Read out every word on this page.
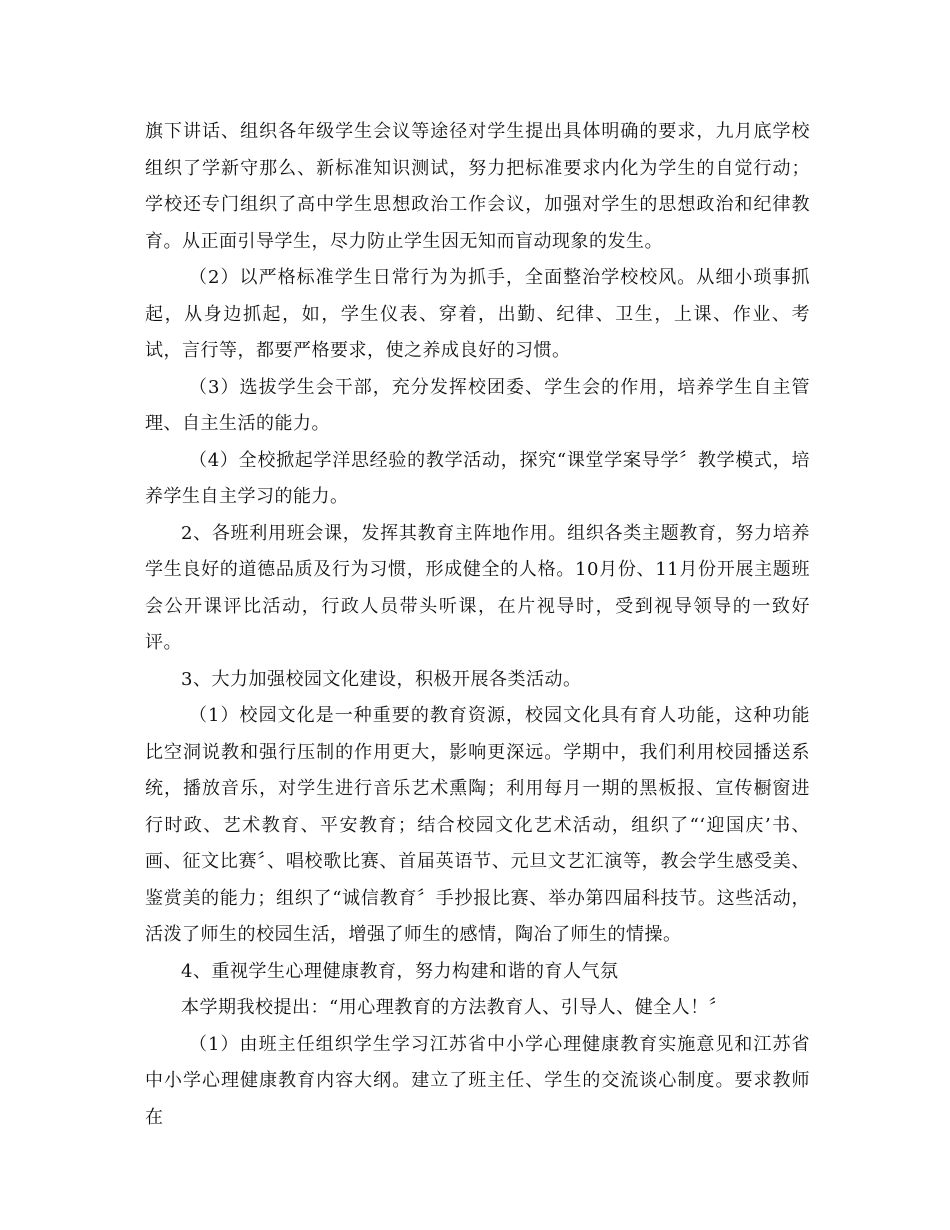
旗下讲话、组织各年级学生会议等途径对学生提出具体明确的要求，九月底学校组织了学新守那么、新标准知识测试，努力把标准要求内化为学生的自觉行动；学校还专门组织了高中学生思想政治工作会议，加强对学生的思想政治和纪律教育。从正面引导学生，尽力防止学生因无知而盲动现象的发生。

（2）以严格标准学生日常行为为抓手，全面整治学校校风。从细小琐事抓起，从身边抓起，如，学生仪表、穿着，出勤、纪律、卫生，上课、作业、考试，言行等，都要严格要求，使之养成良好的习惯。

（3）选拔学生会干部，充分发挥校团委、学生会的作用，培养学生自主管理、自主生活的能力。

（4）全校掀起学洋思经验的教学活动，探究“课堂学案导学〞教学模式，培养学生自主学习的能力。

2、各班利用班会课，发挥其教育主阵地作用。组织各类主题教育，努力培养学生良好的道德品质及行为习惯，形成健全的人格。10月份、11月份开展主题班会公开课评比活动，行政人员带头听课，在片视导时，受到视导领导的一致好评。

3、大力加强校园文化建设，积极开展各类活动。

（1）校园文化是一种重要的教育资源，校园文化具有育人功能，这种功能比空洞说教和强行压制的作用更大，影响更深远。学期中，我们利用校园播送系统，播放音乐，对学生进行音乐艺术熏陶；利用每月一期的黑板报、宣传橱窗进行时政、艺术教育、平安教育；结合校园文化艺术活动，组织了“‘迎国庆’书、画、征文比赛〞、唱校歌比赛、首届英语节、元旦文艺汇演等，教会学生感受美、鉴赏美的能力；组织了“诚信教育〞手抄报比赛、举办第四届科技节。这些活动，活泼了师生的校园生活，增强了师生的感情，陶冶了师生的情操。

4、重视学生心理健康教育，努力构建和谐的育人气氛

本学期我校提出：“用心理教育的方法教育人、引导人、健全人！〞

（1）由班主任组织学生学习江苏省中小学心理健康教育实施意见和江苏省中小学心理健康教育内容大纲。建立了班主任、学生的交流谈心制度。要求教师在
